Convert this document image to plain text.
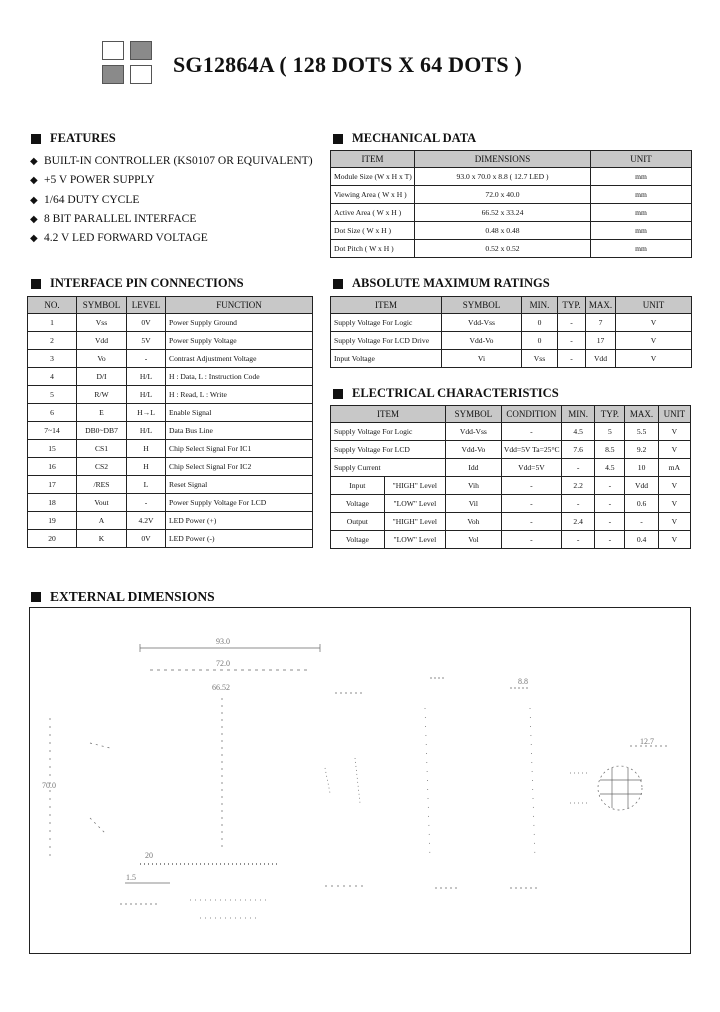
SG12864A ( 128 DOTS X 64 DOTS )
FEATURES
◆ BUILT-IN CONTROLLER (KS0107 OR EQUIVALENT)
◆ +5 V POWER SUPPLY
◆ 1/64 DUTY CYCLE
◆ 8 BIT PARALLEL INTERFACE
◆ 4.2 V LED FORWARD VOLTAGE
MECHANICAL DATA
ITEM	DIMENSIONS	UNIT
Module Size (W x H x T)	93.0 x 70.0 x 8.8 ( 12.7 LED )	mm
Viewing Area ( W x H )	72.0 x 40.0	mm
Active Area ( W x H )	66.52 x 33.24	mm
Dot Size ( W x H )	0.48 x 0.48	mm
Dot Pitch ( W x H )	0.52 x 0.52	mm
INTERFACE PIN CONNECTIONS
NO.	SYMBOL	LEVEL	FUNCTION
1	Vss	0V	Power Supply Ground
2	Vdd	5V	Power Supply Voltage
3	Vo	-	Contrast Adjustment Voltage
4	D/I	H/L	H : Data, L : Instruction Code
5	R/W	H/L	H : Read, L : Write
6	E	H→L	Enable Signal
7~14	DB0~DB7	H/L	Data Bus Line
15	CS1	H	Chip Select Signal For IC1
16	CS2	H	Chip Select Signal For IC2
17	/RES	L	Reset Signal
18	Vout	-	Power Supply Voltage For LCD
19	A	4.2V	LED Power (+)
20	K	0V	LED Power (-)
ABSOLUTE MAXIMUM RATINGS
ITEM	SYMBOL	MIN.	TYP.	MAX.	UNIT
Supply Voltage For Logic	Vdd-Vss	0	-	7	V
Supply Voltage For LCD Drive	Vdd-Vo	0	-	17	V
Input Voltage	Vi	Vss	-	Vdd	V
ELECTRICAL CHARACTERISTICS
ITEM		SYMBOL	CONDITION	MIN.	TYP.	MAX.	UNIT
Supply Voltage For Logic		Vdd-Vss	-	4.5	5	5.5	V
Supply Voltage For LCD		Vdd-Vo	Vdd=5V Ta=25°C	7.6	8.5	9.2	V
Supply Current		Idd	Vdd=5V	-	4.5	10	mA
Input	"HIGH" Level	Vih	-	2.2	-	Vdd	V
Voltage	"LOW" Level	Vil	-	-	-	0.6	V
Output	"HIGH" Level	Voh	-	2.4	-	-	V
Voltage	"LOW" Level	Vol	-	-	-	0.4	V
EXTERNAL DIMENSIONS
93.0
72.0
66.52
70.0
20
1.5
8.8
12.7
